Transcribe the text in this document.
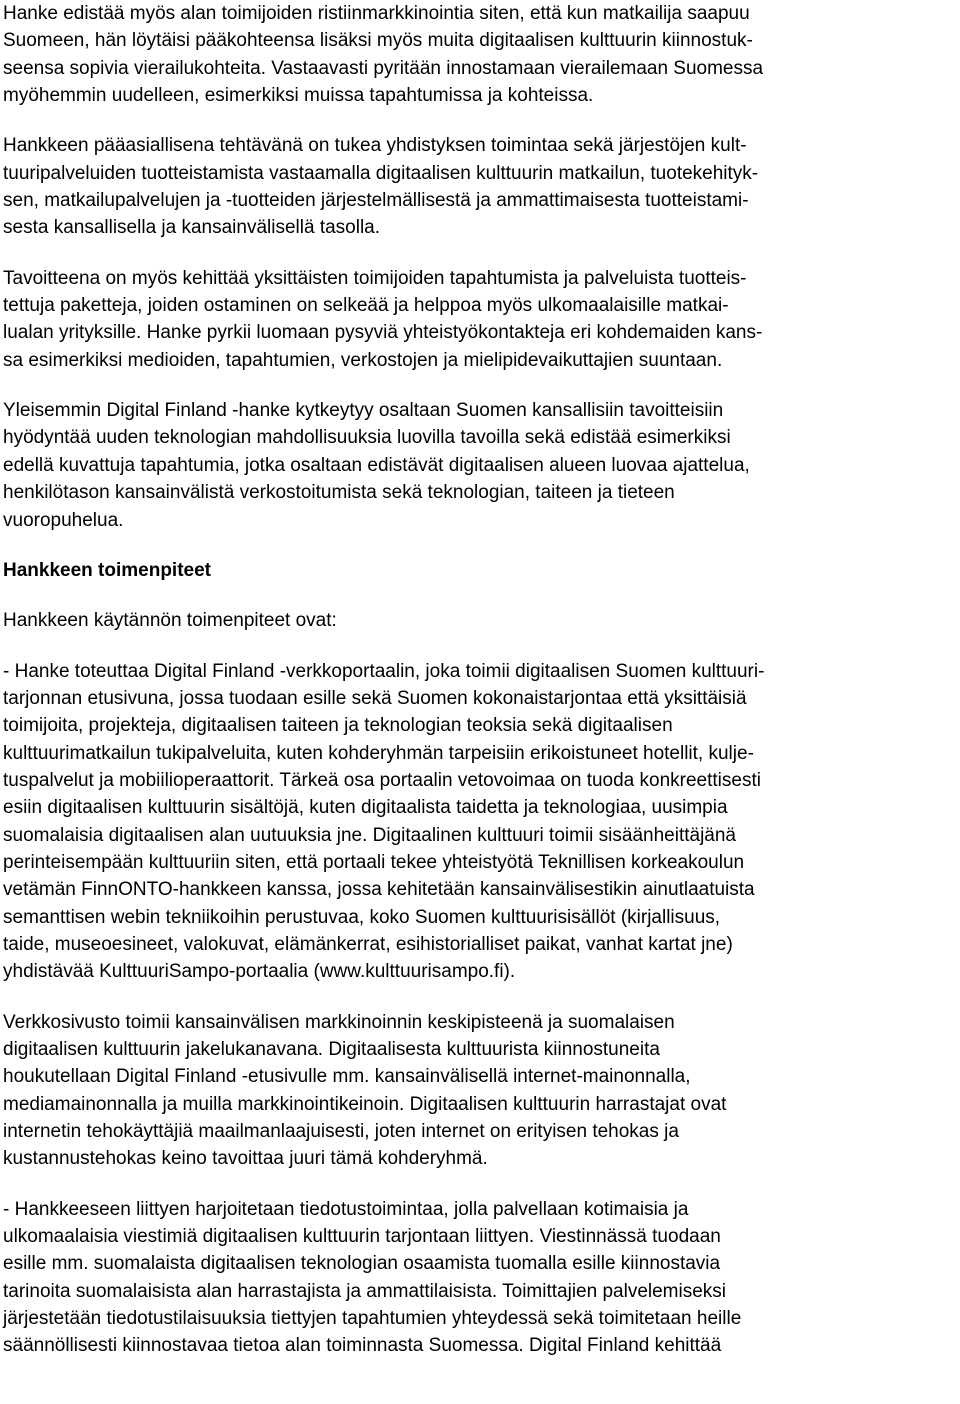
Hanke edistää myös alan toimijoiden ristiinmarkkinointia siten, että kun matkailija saapuu
Suomeen, hän löytäisi pääkohteensa lisäksi myös muita digitaalisen kulttuurin kiinnostuk-
seensa sopivia vierailukohteita. Vastaavasti pyritään innostamaan vierailemaan Suomessa
myöhemmin uudelleen, esimerkiksi muissa tapahtumissa ja kohteissa.
Hankkeen pääasiallisena tehtävänä on tukea yhdistyksen toimintaa sekä järjestöjen kult-
tuuripalveluiden tuotteistamista vastaamalla digitaalisen kulttuurin matkailun, tuotekehityk-
sen, matkailupalvelujen ja -tuotteiden järjestelmällisestä ja ammattimaisesta tuotteistami-
sesta kansallisella ja kansainvälisellä tasolla.
Tavoitteena on myös kehittää yksittäisten toimijoiden tapahtumista ja palveluista tuotteis-
tettuja paketteja, joiden ostaminen on selkeää ja helppoa myös ulkomaalaisille matkai-
lualan yrityksille. Hanke pyrkii luomaan pysyviä yhteistyökontakteja eri kohdemaiden kans-
sa esimerkiksi medioiden, tapahtumien, verkostojen ja mielipidevaikuttajien suuntaan.
Yleisemmin Digital Finland -hanke kytkeytyy osaltaan Suomen kansallisiin tavoitteisiin
hyödyntää uuden teknologian mahdollisuuksia luovilla tavoilla sekä edistää esimerkiksi
edellä kuvattuja tapahtumia, jotka osaltaan edistävät digitaalisen alueen luovaa ajattelua,
henkilötason kansainvälistä verkostoitumista sekä teknologian, taiteen ja tieteen
vuoropuhelua.
Hankkeen toimenpiteet
Hankkeen käytännön toimenpiteet ovat:
- Hanke toteuttaa Digital Finland -verkkoportaalin, joka toimii digitaalisen Suomen kulttuuri-
tarjonnan etusivuna, jossa tuodaan esille sekä Suomen kokonaistarjontaa että yksittäisiä
toimijoita, projekteja, digitaalisen taiteen ja teknologian teoksia sekä digitaalisen
kulttuurimatkailun tukipalveluita, kuten kohderyhmän tarpeisiin erikoistuneet hotellit, kulje-
tuspalvelut ja mobiilioperaattorit. Tärkeä osa portaalin vetovoimaa on tuoda konkreettisesti
esiin digitaalisen kulttuurin sisältöjä, kuten digitaalista taidetta ja teknologiaa, uusimpia
suomalaisia digitaalisen alan uutuuksia jne. Digitaalinen kulttuuri toimii sisäänheittäjänä
perinteisempään kulttuuriin siten, että portaali tekee yhteistyötä Teknillisen korkeakoulun
vetämän FinnONTO-hankkeen kanssa, jossa kehitetään kansainvälisestikin ainutlaatuista
semanttisen webin tekniikoihin perustuvaa, koko Suomen kulttuurisisällöt (kirjallisuus,
taide, museoesineet, valokuvat, elämänkerrat, esihistorialliset paikat, vanhat kartat jne)
yhdistävää KulttuuriSampo-portaalia (www.kulttuurisampo.fi).
Verkkosivusto toimii kansainvälisen markkinoinnin keskipisteenä ja suomalaisen
digitaalisen kulttuurin jakelukanavana. Digitaalisesta kulttuurista kiinnostuneita
houkutellaan Digital Finland -etusivulle mm. kansainvälisellä internet-mainonnalla,
mediamainonnalla ja muilla markkinointikeinoin. Digitaalisen kulttuurin harrastajat ovat
internetin tehokäyttäjiä maailmanlaajuisesti, joten internet on erityisen tehokas ja
kustannustehokas keino tavoittaa juuri tämä kohderyhmä.
- Hankkeeseen liittyen harjoitetaan tiedotustoimintaa, jolla palvellaan kotimaisia ja
ulkomaalaisia viestimiä digitaalisen kulttuurin tarjontaan liittyen. Viestinnässä tuodaan
esille mm. suomalaista digitaalisen teknologian osaamista tuomalla esille kiinnostavia
tarinoita suomalaisista alan harrastajista ja ammattilaisista. Toimittajien palvelemiseksi
järjestetään tiedotustilaisuuksia tiettyjen tapahtumien yhteydessä sekä toimitetaan heille
säännöllisesti kiinnostavaa tietoa alan toiminnasta Suomessa. Digital Finland kehittää
